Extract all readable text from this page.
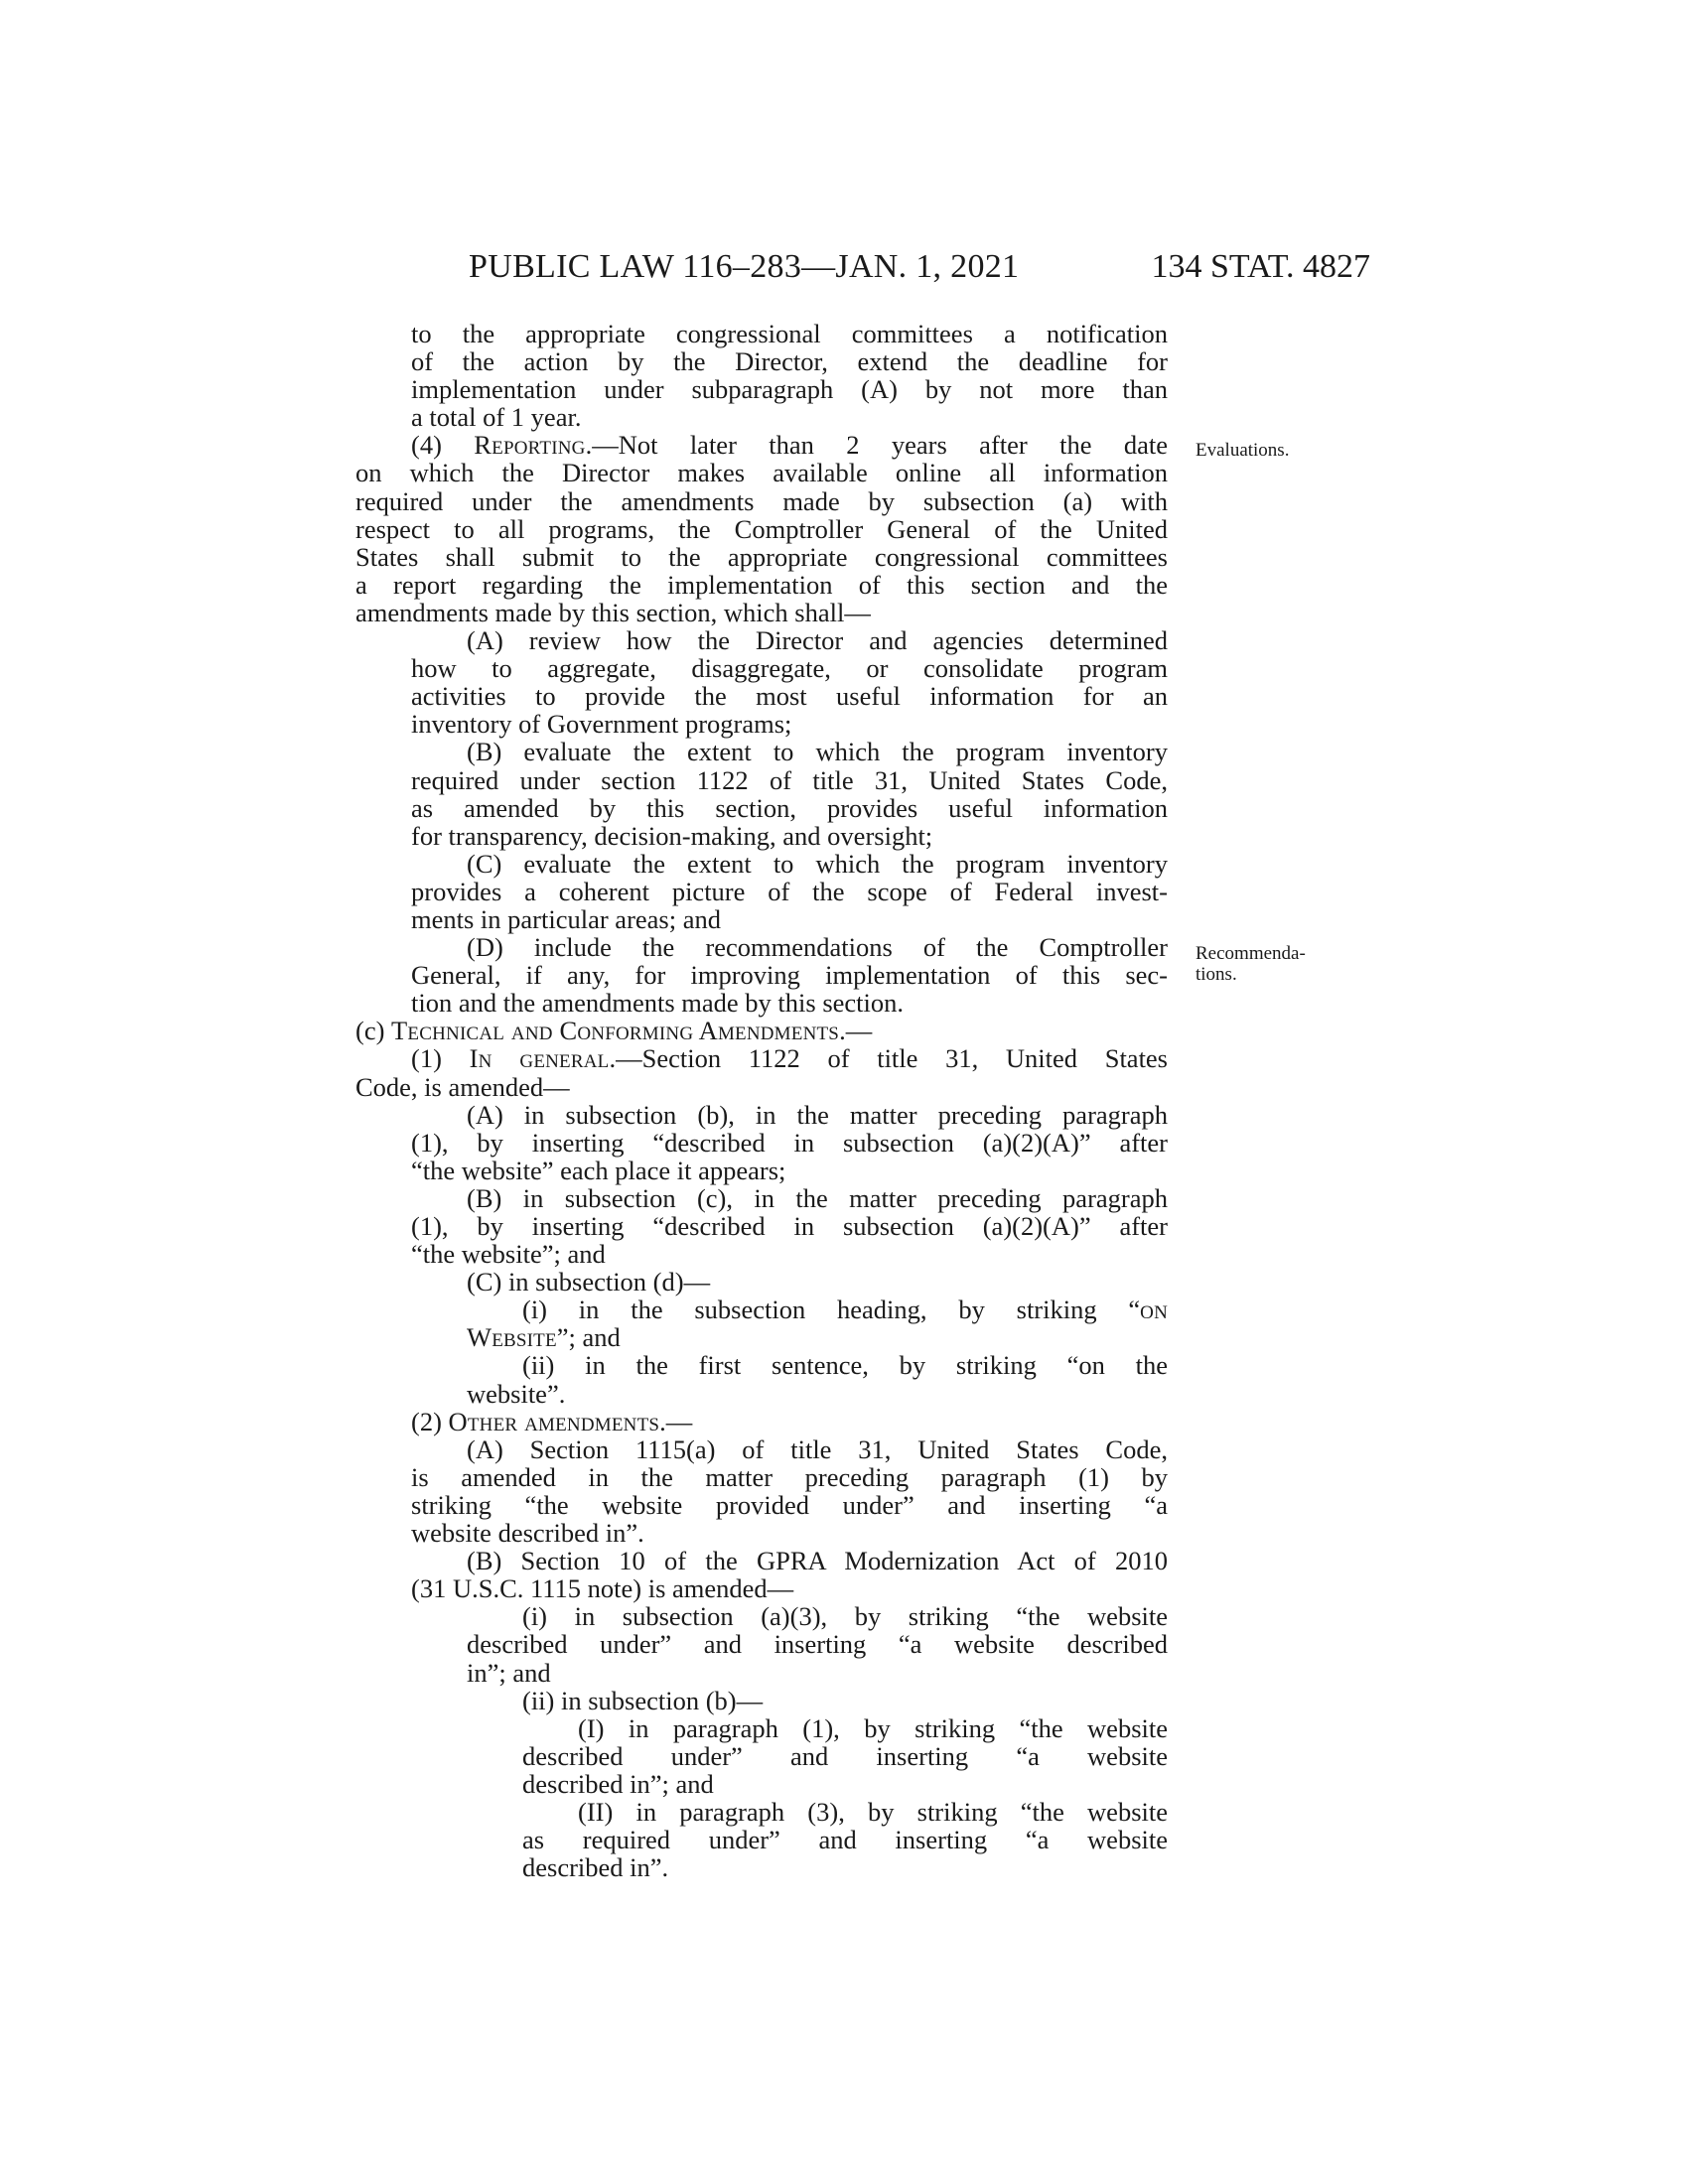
PUBLIC LAW 116–283—JAN. 1, 2021	134 STAT. 4827
Evaluations.
Recommenda-
tions.
to the appropriate congressional committees a notification
of the action by the Director, extend the deadline for
implementation under subparagraph (A) by not more than
a total of 1 year.
(4) Reporting.—Not later than 2 years after the date
on which the Director makes available online all information
required under the amendments made by subsection (a) with
respect to all programs, the Comptroller General of the United
States shall submit to the appropriate congressional committees
a report regarding the implementation of this section and the
amendments made by this section, which shall—
(A) review how the Director and agencies determined
how to aggregate, disaggregate, or consolidate program
activities to provide the most useful information for an
inventory of Government programs;
(B) evaluate the extent to which the program inventory
required under section 1122 of title 31, United States Code,
as amended by this section, provides useful information
for transparency, decision-making, and oversight;
(C) evaluate the extent to which the program inventory
provides a coherent picture of the scope of Federal invest-
ments in particular areas; and
(D) include the recommendations of the Comptroller
General, if any, for improving implementation of this sec-
tion and the amendments made by this section.
(c) Technical and Conforming Amendments.—
(1) In general.—Section 1122 of title 31, United States
Code, is amended—
(A) in subsection (b), in the matter preceding paragraph
(1), by inserting “described in subsection (a)(2)(A)” after
“the website” each place it appears;
(B) in subsection (c), in the matter preceding paragraph
(1), by inserting “described in subsection (a)(2)(A)” after
“the website”; and
(C) in subsection (d)—
(i) in the subsection heading, by striking “on
Website”; and
(ii) in the first sentence, by striking “on the
website”.
(2) Other amendments.—
(A) Section 1115(a) of title 31, United States Code,
is amended in the matter preceding paragraph (1) by
striking “the website provided under” and inserting “a
website described in”.
(B) Section 10 of the GPRA Modernization Act of 2010
(31 U.S.C. 1115 note) is amended—
(i) in subsection (a)(3), by striking “the website
described under” and inserting “a website described
in”; and
(ii) in subsection (b)—
(I) in paragraph (1), by striking “the website
described under” and inserting “a website
described in”; and
(II) in paragraph (3), by striking “the website
as required under” and inserting “a website
described in”.
